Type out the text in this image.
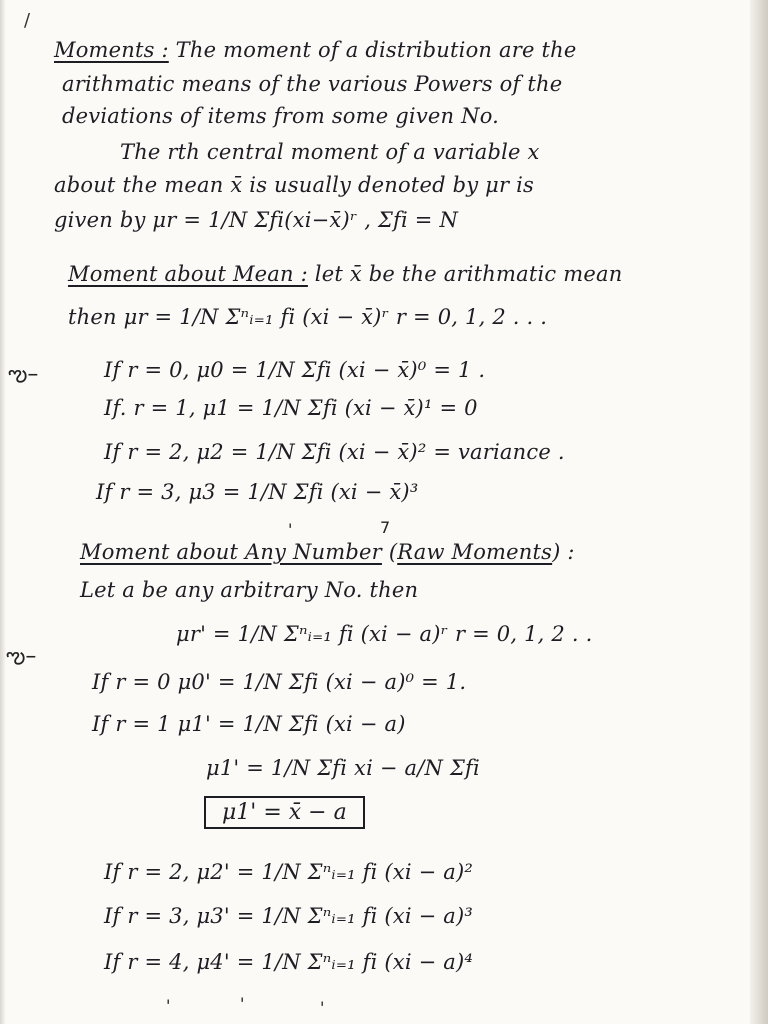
/
Moments : The moment of a distribution are the
arithmatic means of the various Powers of the
deviations of items from some given No.
The rth central moment of a variable x
about the mean x̄ is usually denoted by μr is
given by μr = 1/N Σfi(xi−x̄)ʳ , Σfi = N
Moment about Mean : let x̄ be the arithmatic mean
then μr = 1/N Σⁿᵢ₌₁ fi (xi − x̄)ʳ r = 0, 1, 2 . . .
ఌ–	If r = 0, μ0 = 1/N Σfi (xi − x̄)⁰ = 1 .
If. r = 1, μ1 = 1/N Σfi (xi − x̄)¹ = 0
If r = 2, μ2 = 1/N Σfi (xi − x̄)² = variance .
If r = 3, μ3 = 1/N Σfi (xi − x̄)³
'	7
Moment about Any Number (Raw Moments) :
Let a be any arbitrary No. then
μr' = 1/N Σⁿᵢ₌₁ fi (xi − a)ʳ r = 0, 1, 2 . .
ఌ–
If r = 0 μ0' = 1/N Σfi (xi − a)⁰ = 1.
If r = 1 μ1' = 1/N Σfi (xi − a)
μ1' = 1/N Σfi xi − a/N Σfi
μ1' = x̄ − a
If r = 2, μ2' = 1/N Σⁿᵢ₌₁ fi (xi − a)²
If r = 3, μ3' = 1/N Σⁿᵢ₌₁ fi (xi − a)³
If r = 4, μ4' = 1/N Σⁿᵢ₌₁ fi (xi − a)⁴
'	'	'
